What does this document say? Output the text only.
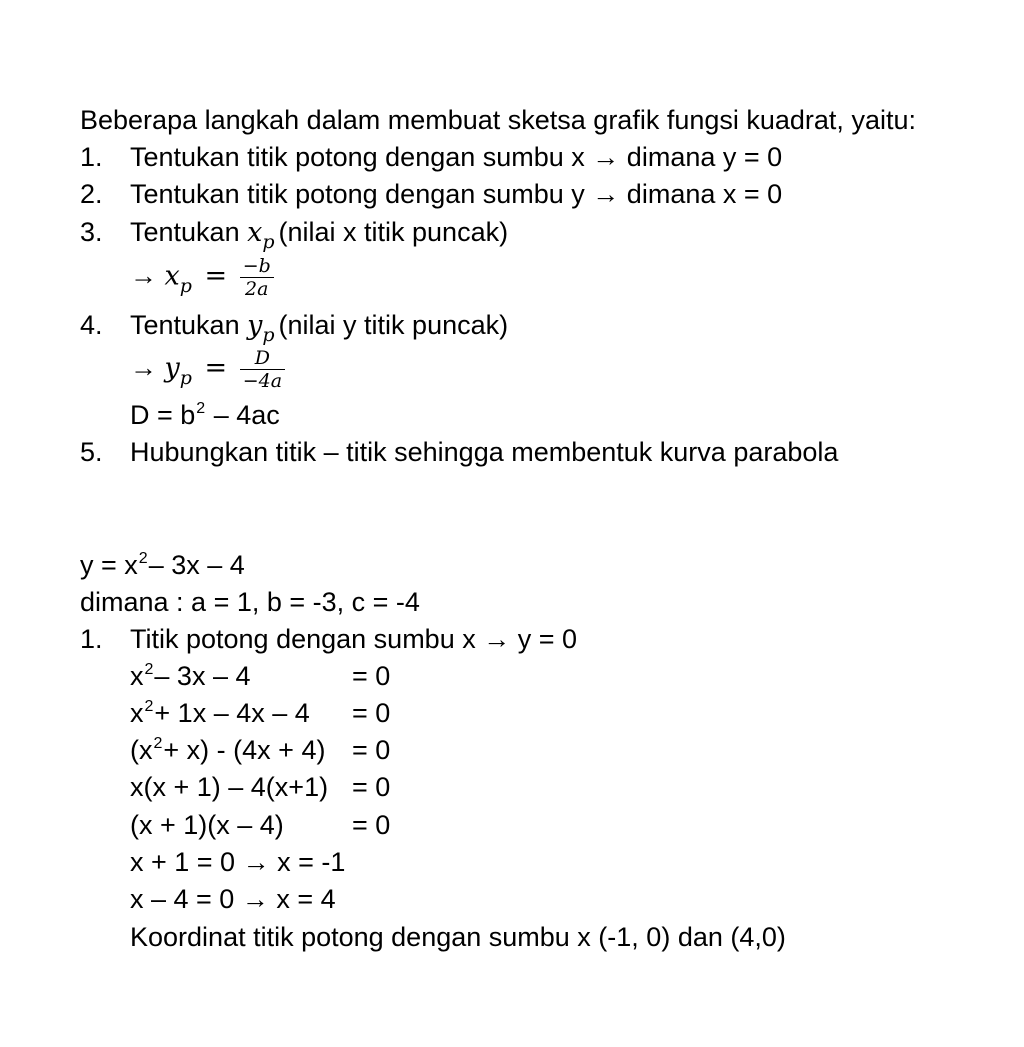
Beberapa langkah dalam membuat sketsa grafik fungsi kuadrat, yaitu:
1. Tentukan titik potong dengan sumbu x → dimana y = 0
2. Tentukan titik potong dengan sumbu y → dimana x = 0
3. Tentukan $x_p$ (nilai x titik puncak)
→ $x_p = \frac{-b}{2a}$
4. Tentukan $y_p$ (nilai y titik puncak)
→ $y_p = \frac{D}{-4a}$
$D = b^2 - 4ac$
5. Hubungkan titik – titik sehingga membentuk kurva parabola
$y = x^2-$ 3x – 4
dimana : a = 1, b = -3, c = -4
1. Titik potong dengan sumbu x → y = 0
$x^2-$ 3x – 4	= 0
$x^2+ 1x - 4x - 4 = 0$
$(x^2+ x) - (4x + 4) = 0$
x(x + 1) – 4(x+1) = 0
(x + 1)(x – 4)	= 0
x + 1 = 0 → x = -1
x – 4 = 0 → x = 4
Koordinat titik potong dengan sumbu x (-1, 0) dan (4,0)
